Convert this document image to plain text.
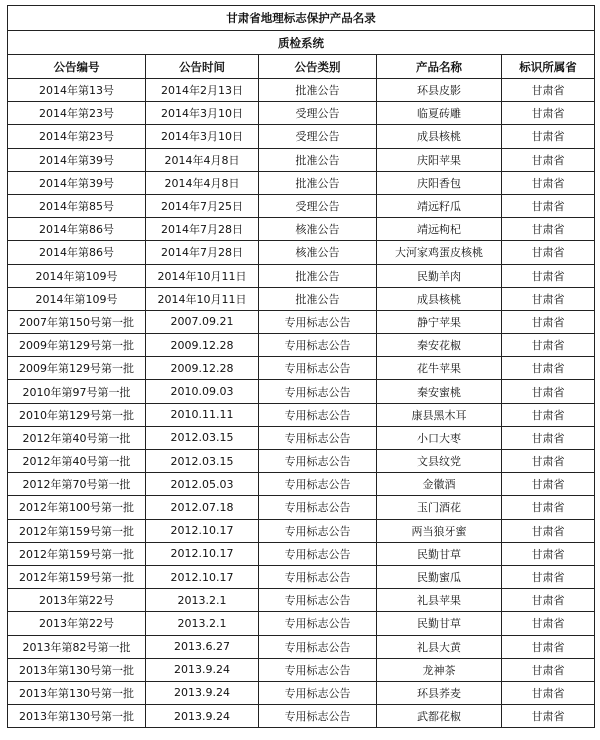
甘肃省地理标志保护产品名录				
质检系统				
公告编号	公告时间	公告类别	产品名称	标识所属省
2014年第13号	2014年2月13日	批准公告	环县皮影	甘肃省
2014年第23号	2014年3月10日	受理公告	临夏砖雕	甘肃省
2014年第23号	2014年3月10日	受理公告	成县核桃	甘肃省
2014年第39号	2014年4月8日	批准公告	庆阳苹果	甘肃省
2014年第39号	2014年4月8日	批准公告	庆阳香包	甘肃省
2014年第85号	2014年7月25日	受理公告	靖远籽瓜	甘肃省
2014年第86号	2014年7月28日	核准公告	靖远枸杞	甘肃省
2014年第86号	2014年7月28日	核准公告	大河家鸡蛋皮核桃	甘肃省
2014年第109号	2014年10月11日	批准公告	民勤羊肉	甘肃省
2014年第109号	2014年10月11日	批准公告	成县核桃	甘肃省
2007年第150号第一批	2007.09.21	专用标志公告	静宁苹果	甘肃省
2009年第129号第一批	2009.12.28	专用标志公告	秦安花椒	甘肃省
2009年第129号第一批	2009.12.28	专用标志公告	花牛苹果	甘肃省
2010年第97号第一批	2010.09.03	专用标志公告	秦安蜜桃	甘肃省
2010年第129号第一批	2010.11.11	专用标志公告	康县黑木耳	甘肃省
2012年第40号第一批	2012.03.15	专用标志公告	小口大枣	甘肃省
2012年第40号第一批	2012.03.15	专用标志公告	文县纹党	甘肃省
2012年第70号第一批	2012.05.03	专用标志公告	金徽酒	甘肃省
2012年第100号第一批	2012.07.18	专用标志公告	玉门酒花	甘肃省
2012年第159号第一批	2012.10.17	专用标志公告	两当狼牙蜜	甘肃省
2012年第159号第一批	2012.10.17	专用标志公告	民勤甘草	甘肃省
2012年第159号第一批	2012.10.17	专用标志公告	民勤蜜瓜	甘肃省
2013年第22号	2013.2.1	专用标志公告	礼县苹果	甘肃省
2013年第22号	2013.2.1	专用标志公告	民勤甘草	甘肃省
2013年第82号第一批	2013.6.27	专用标志公告	礼县大黄	甘肃省
2013年第130号第一批	2013.9.24	专用标志公告	龙神茶	甘肃省
2013年第130号第一批	2013.9.24	专用标志公告	环县荞麦	甘肃省
2013年第130号第一批	2013.9.24	专用标志公告	武都花椒	甘肃省
